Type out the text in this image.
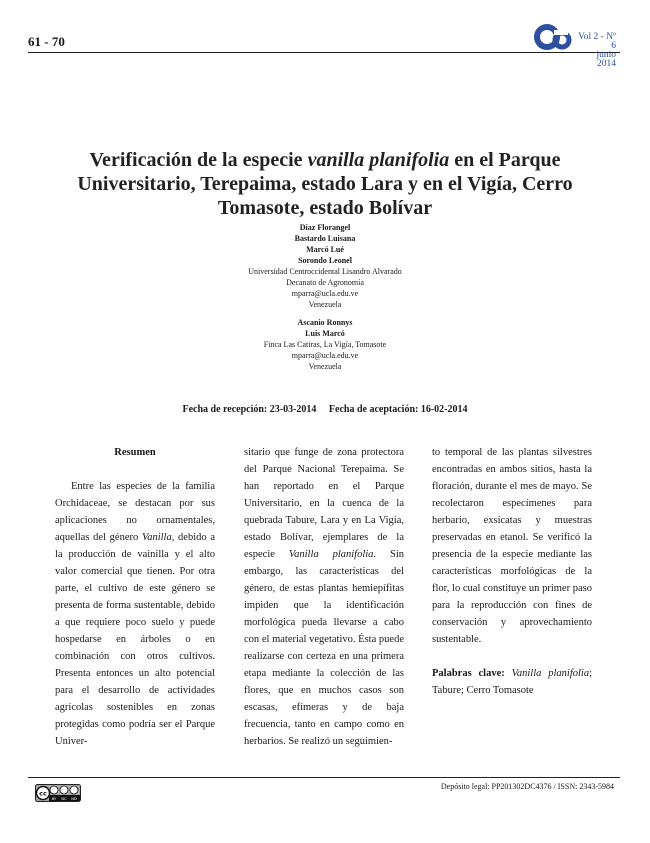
61 - 70	Vol 2 - Nº 6
junio 2014
Verificación de la especie vanilla planifolia en el Parque Universitario, Terepaima, estado Lara y en el Vigía, Cerro Tomasote, estado Bolívar
Díaz Florangel
Bastardo Luisana
Marcó Lué
Sorondo Leonel
Universidad Centroccidental Lisandro Alvarado
Decanato de Agronomía
mparra@ucla.edu.ve
Venezuela
Ascanio Ronnys
Luis Marcó
Finca Las Catiras, La Vigía, Tomasote
mparra@ucla.edu.ve
Venezuela
Fecha de recepción: 23-03-2014 Fecha de aceptación: 16-02-2014
Resumen

Entre las especies de la familia Orchidaceae, se destacan por sus aplicaciones no ornamentales, aquellas del género Vanilla, debido a la producción de vainilla y el alto valor comercial que tienen. Por otra parte, el cultivo de este género se presenta de forma sustentable, debido a que requiere poco suelo y puede hospedarse en árboles o en combinación con otros cultivos. Presenta entonces un alto potencial para el desarrollo de actividades agrícolas sostenibles en zonas protegidas como podría ser el Parque Univer-

sitario que funge de zona protectora del Parque Nacional Terepaima. Se han reportado en el Parque Universitario, en la cuenca de la quebrada Tabure, Lara y en La Vigía, estado Bolívar, ejemplares de la especie Vanilla planifolia. Sin embargo, las características del género, de estas plantas hemiepífitas impiden que la identificación morfológica pueda llevarse a cabo con el material vegetativo. Ésta puede realizarse con certeza en una primera etapa mediante la colección de las flores, que en muchos casos son escasas, efímeras y de baja frecuencia, tanto en campo como en herbarios. Se realizó un seguimien-

to temporal de las plantas silvestres encontradas en ambos sitios, hasta la floración, durante el mes de mayo. Se recolectaron especímenes para herbario, exsicatas y muestras preservadas en etanol. Se verificó la presencia de la especie mediante las características morfológicas de la flor, lo cual constituye un primer paso para la reproducción con fines de conservación y aprovechamiento sustentable.

Palabras clave: Vanilla planifolia; Tabure; Cerro Tomasote

cc
BY NC ND
Depósito legal: PP201302DC4376 / ISSN: 2343-5984
